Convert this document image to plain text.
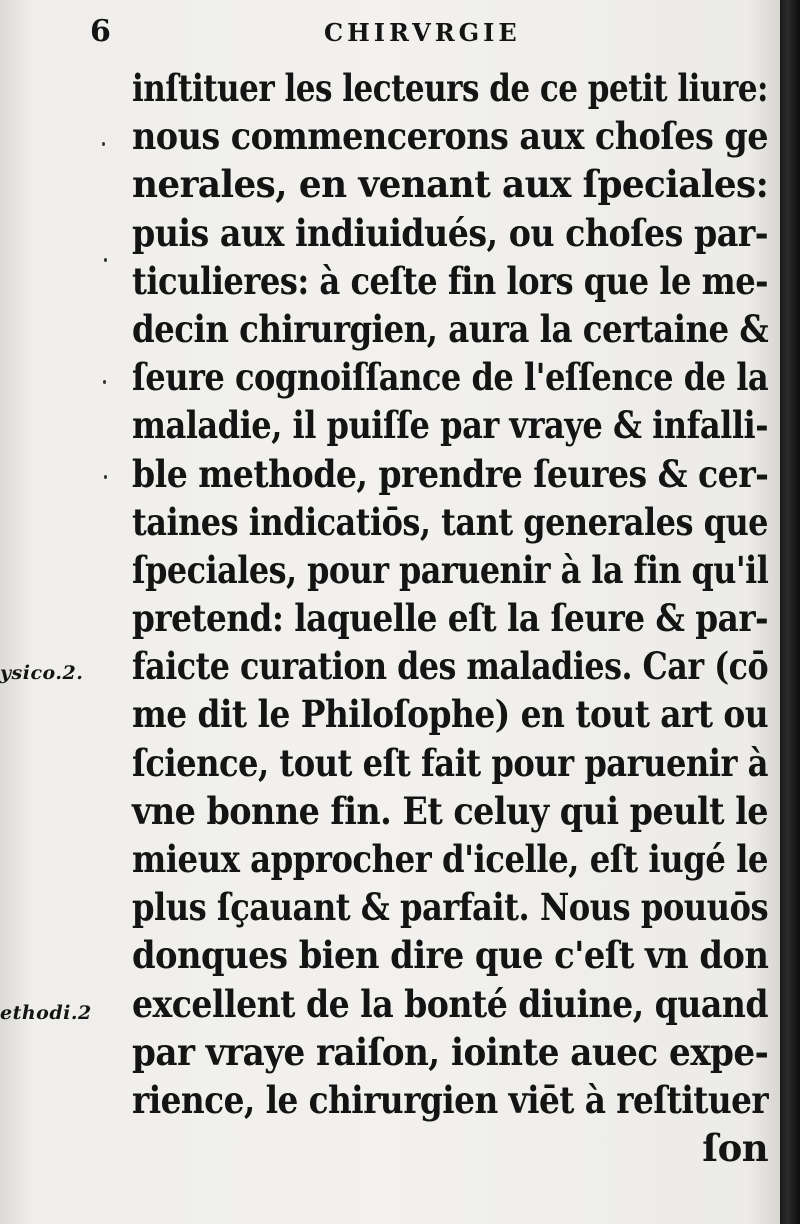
6	CHIRVRGIE
ysico.2.
ethodi.2
inſtituer les lecteurs de ce petit liure:
nous commencerons aux choſes ge
nerales, en venant aux ſpeciales:
puis aux indiuidués, ou choſes par-
ticulieres: à ceſte fin lors que le me-
decin chirurgien, aura la certaine &
ſeure cognoiſſance de l'eſſence de la
maladie, il puiſſe par vraye & infalli-
ble methode, prendre ſeures & cer-
taines indicatiōs, tant generales que
ſpeciales, pour paruenir à la fin qu'il
pretend: laquelle eſt la ſeure & par-
faicte curation des maladies. Car (cō
me dit le Philoſophe) en tout art ou
ſcience, tout eſt fait pour paruenir à
vne bonne fin. Et celuy qui peult le
mieux approcher d'icelle, eſt iugé le
plus ſçauant & parfait. Nous pouuōs
donques bien dire que c'eſt vn don
excellent de la bonté diuine, quand
par vraye raiſon, iointe auec expe-
rience, le chirurgien viēt à reſtituer
ſon
